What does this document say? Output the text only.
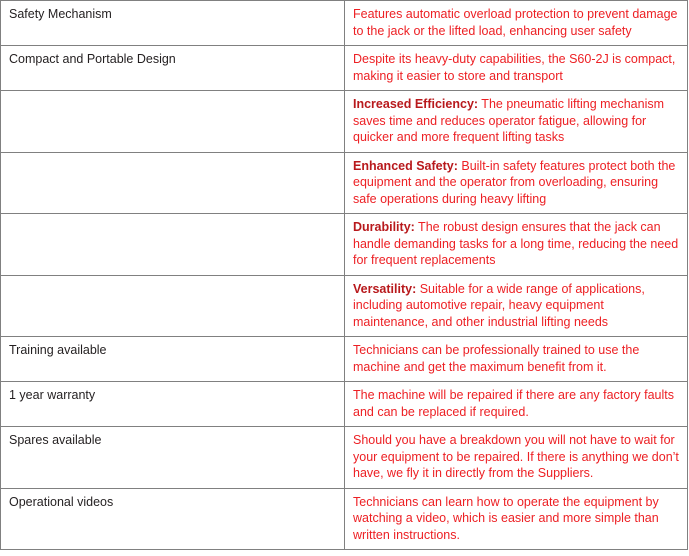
Safety Mechanism	Features automatic overload protection to prevent damage to the jack or the lifted load, enhancing user safety
Compact and Portable Design	Despite its heavy-duty capabilities, the S60-2J is compact, making it easier to store and transport
	Increased Efficiency: The pneumatic lifting mechanism saves time and reduces operator fatigue, allowing for quicker and more frequent lifting tasks
	Enhanced Safety: Built-in safety features protect both the equipment and the operator from overloading, ensuring safe operations during heavy lifting
	Durability: The robust design ensures that the jack can handle demanding tasks for a long time, reducing the need for frequent replacements
	Versatility: Suitable for a wide range of applications, including automotive repair, heavy equipment maintenance, and other industrial lifting needs
Training available	Technicians can be professionally trained to use the machine and get the maximum benefit from it.
1 year warranty	The machine will be repaired if there are any factory faults and can be replaced if required.
Spares available	Should you have a breakdown you will not have to wait for your equipment to be repaired. If there is anything we don’t have, we fly it in directly from the Suppliers.
Operational videos	Technicians can learn how to operate the equipment by watching a video, which is easier and more simple than written instructions.
